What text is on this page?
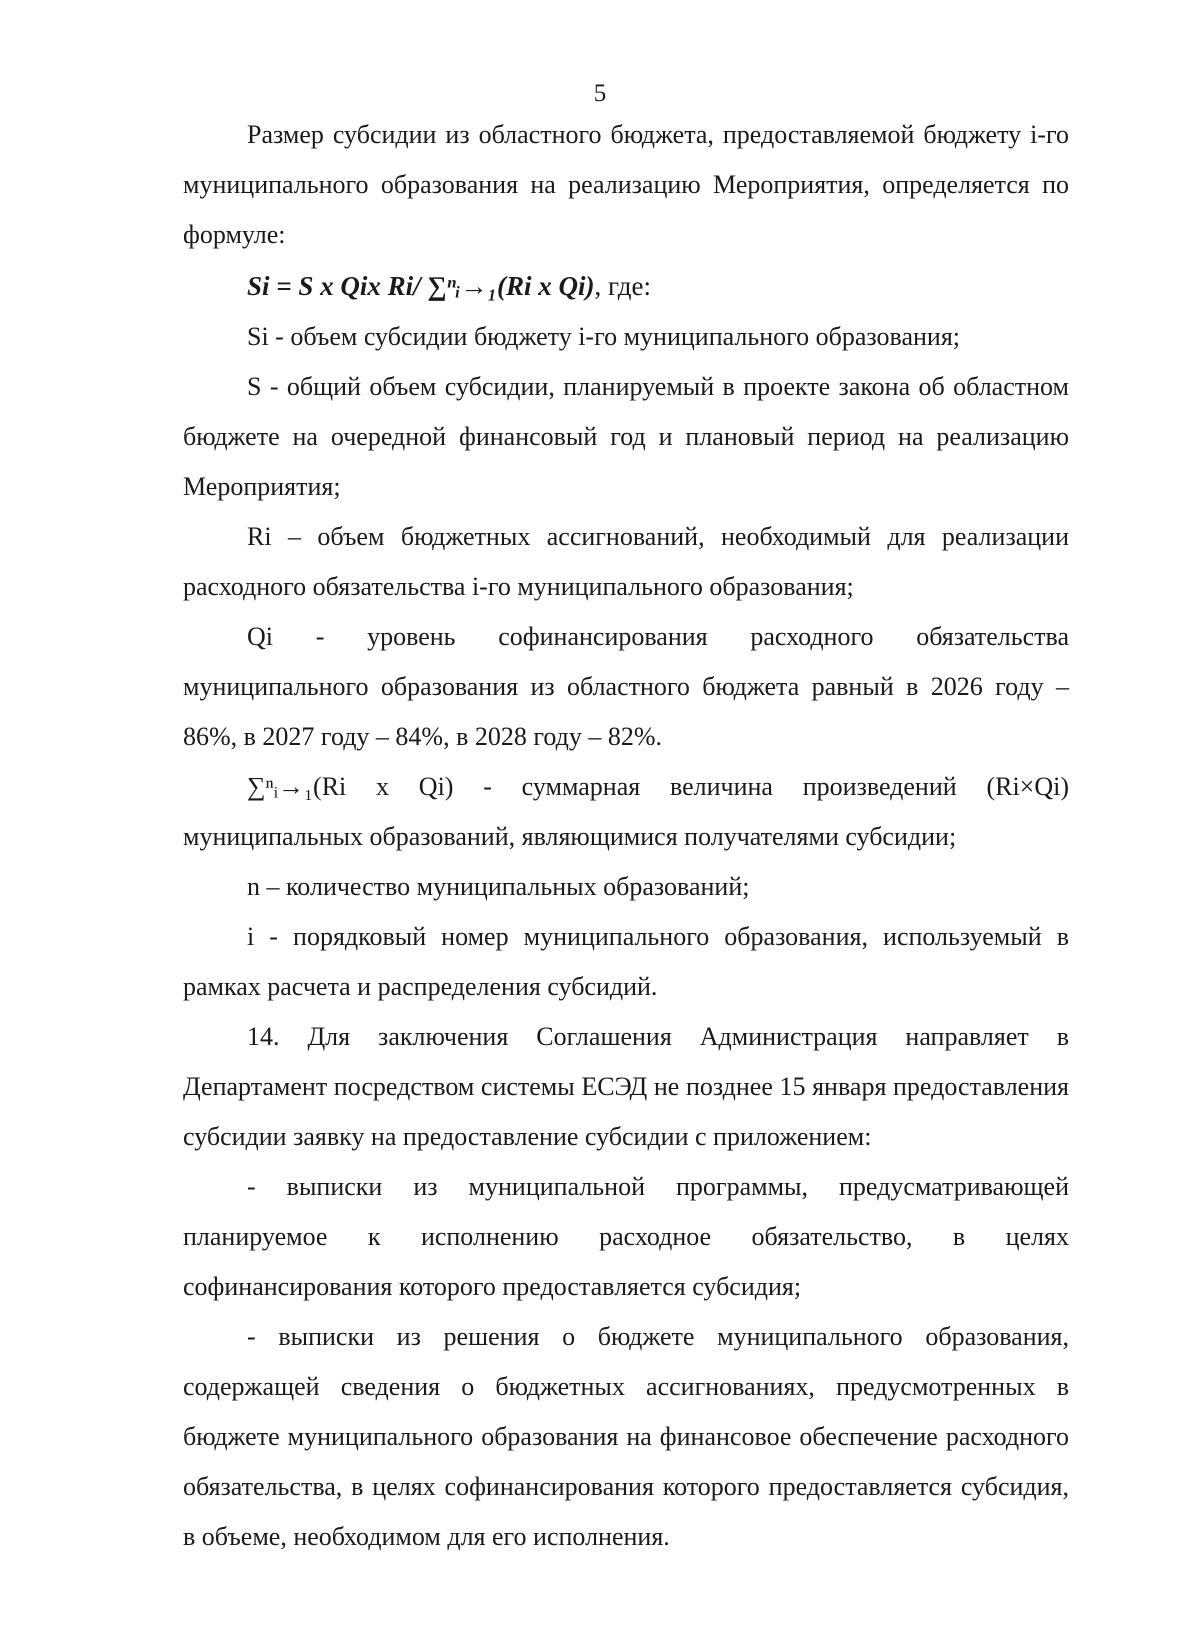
5

Размер субсидии из областного бюджета, предоставляемой бюджету i-го муниципального образования на реализацию Мероприятия, определяется по формуле:

Si = S x Qix Ri/ ∑ⁿᵢ→₁(Ri x Qi), где:

Si - объем субсидии бюджету i-го муниципального образования;

S - общий объем субсидии, планируемый в проекте закона об областном бюджете на очередной финансовый год и плановый период на реализацию Мероприятия;

Ri – объем бюджетных ассигнований, необходимый для реализации расходного обязательства i-го муниципального образования;

Qi - уровень софинансирования расходного обязательства муниципального образования из областного бюджета равный в 2026 году – 86%, в 2027 году – 84%, в 2028 году – 82%.

∑ⁿᵢ→₁(Ri x Qi) - суммарная величина произведений (Ri×Qi) муниципальных образований, являющимися получателями субсидии;

n – количество муниципальных образований;

i - порядковый номер муниципального образования, используемый в рамках расчета и распределения субсидий.

14. Для заключения Соглашения Администрация направляет в Департамент посредством системы ЕСЭД не позднее 15 января предоставления субсидии заявку на предоставление субсидии с приложением:

- выписки из муниципальной программы, предусматривающей планируемое к исполнению расходное обязательство, в целях софинансирования которого предоставляется субсидия;

- выписки из решения о бюджете муниципального образования, содержащей сведения о бюджетных ассигнованиях, предусмотренных в бюджете муниципального образования на финансовое обеспечение расходного обязательства, в целях софинансирования которого предоставляется субсидия, в объеме, необходимом для его исполнения.
